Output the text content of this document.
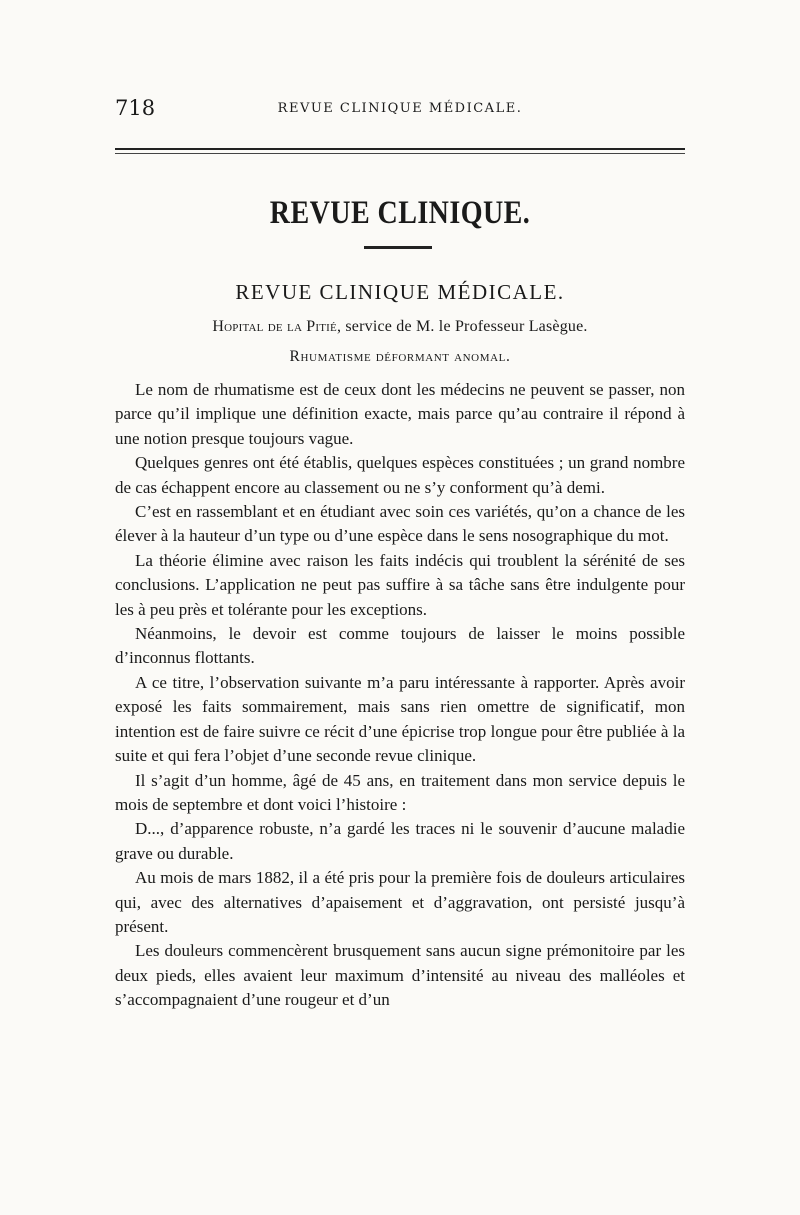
718	REVUE CLINIQUE MÉDICALE.
REVUE CLINIQUE.
REVUE CLINIQUE MÉDICALE.
Hopital de la Pitié, service de M. le Professeur Lasègue.
Rhumatisme déformant anomal.

Le nom de rhumatisme est de ceux dont les médecins ne peuvent se passer, non parce qu’il implique une définition exacte, mais parce qu’au contraire il répond à une notion presque toujours vague.

Quelques genres ont été établis, quelques espèces constituées ; un grand nombre de cas échappent encore au classement ou ne s’y conforment qu’à demi.

C’est en rassemblant et en étudiant avec soin ces variétés, qu’on a chance de les élever à la hauteur d’un type ou d’une espèce dans le sens nosographique du mot.

La théorie élimine avec raison les faits indécis qui troublent la sérénité de ses conclusions. L’application ne peut pas suffire à sa tâche sans être indulgente pour les à peu près et tolérante pour les exceptions.

Néanmoins, le devoir est comme toujours de laisser le moins possible d’inconnus flottants.

A ce titre, l’observation suivante m’a paru intéressante à rapporter. Après avoir exposé les faits sommairement, mais sans rien omettre de significatif, mon intention est de faire suivre ce récit d’une épicrise trop longue pour être publiée à la suite et qui fera l’objet d’une seconde revue clinique.

Il s’agit d’un homme, âgé de 45 ans, en traitement dans mon service depuis le mois de septembre et dont voici l’histoire :

D..., d’apparence robuste, n’a gardé les traces ni le souvenir d’aucune maladie grave ou durable.

Au mois de mars 1882, il a été pris pour la première fois de douleurs articulaires qui, avec des alternatives d’apaisement et d’aggravation, ont persisté jusqu’à présent.

Les douleurs commencèrent brusquement sans aucun signe prémonitoire par les deux pieds, elles avaient leur maximum d’intensité au niveau des malléoles et s’accompagnaient d’une rougeur et d’un
